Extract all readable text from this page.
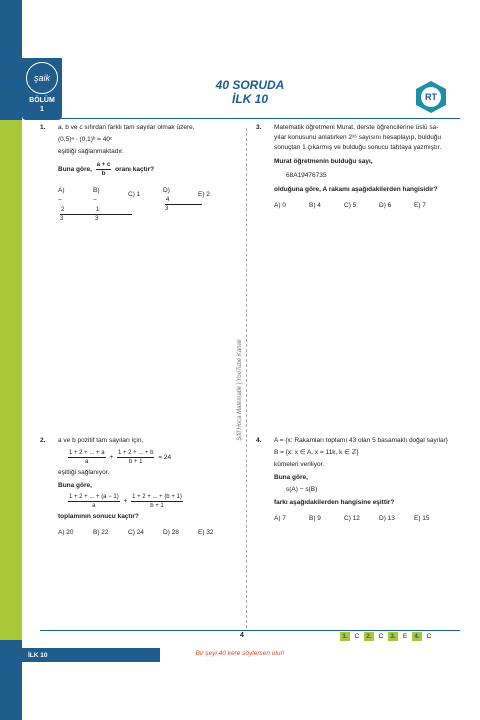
şaik
BÖLÜM
1
40 SORUDA
İLK 10	RT
Şifil Hoca Matematik | YouTube Kanalı
1. a, b ve c sıfırdan farklı tam sayılar olmak üzere,
(0,5)ᵃ · (0,1)ᵇ = 40ᶜ
eşitliği sağlanmaktadır.
Buna göre, $\frac{a + c}{b}$ oranı kaçtır?
$A) -\frac{2}{3}$
$B) -\frac{1}{3}$
C) 1
$D)\frac{4}{3}$
E) 2
3. Matematik öğretmeni Murat, derste öğrencilerine üslü sa-
yılar konusunu anlatırken 2³⁶ sayısını hesaplayıp, bulduğu
sonuçtan 1 çıkarmış ve bulduğu sonucu tahtaya yazmıştır.
Murat öğretmenin bulduğu sayı,
68A19476735
olduğuna göre, A rakamı aşağıdakilerden hangisidir?
A) 0	B) 4	C) 5	D) 6	E) 7
2. a ve b pozitif tam sayıları için,
$\frac{1 + 2 + ... + a}{a} + \frac{1 + 2 + ... + b}{b + 1} = 24$
eşitliği sağlanıyor.
Buna göre,
$\frac{1 + 2 + ... + (a - 1)}{a} + \frac{1 + 2 + ... + (b + 1)}{b + 1}$
toplamının sonucu kaçtır?
A) 20	B) 22	C) 24	D) 28	E) 32
4. A = {x: Rakamları toplamı 43 olan 5 basamaklı doğal sayılar}
B = {x: x ∈ A, x = 11k, k ∈ ℤ}
kümeleri veriliyor.
Buna göre,
s(A) − s(B)
farkı aşağıdakilerden hangisine eşittir?
A) 7	B) 9	C) 12	D) 13	E) 15
4	1.	C	2.	C	3.	E	4.	C
İLK 10	Bir şeyi 40 kere söylersen olur!
